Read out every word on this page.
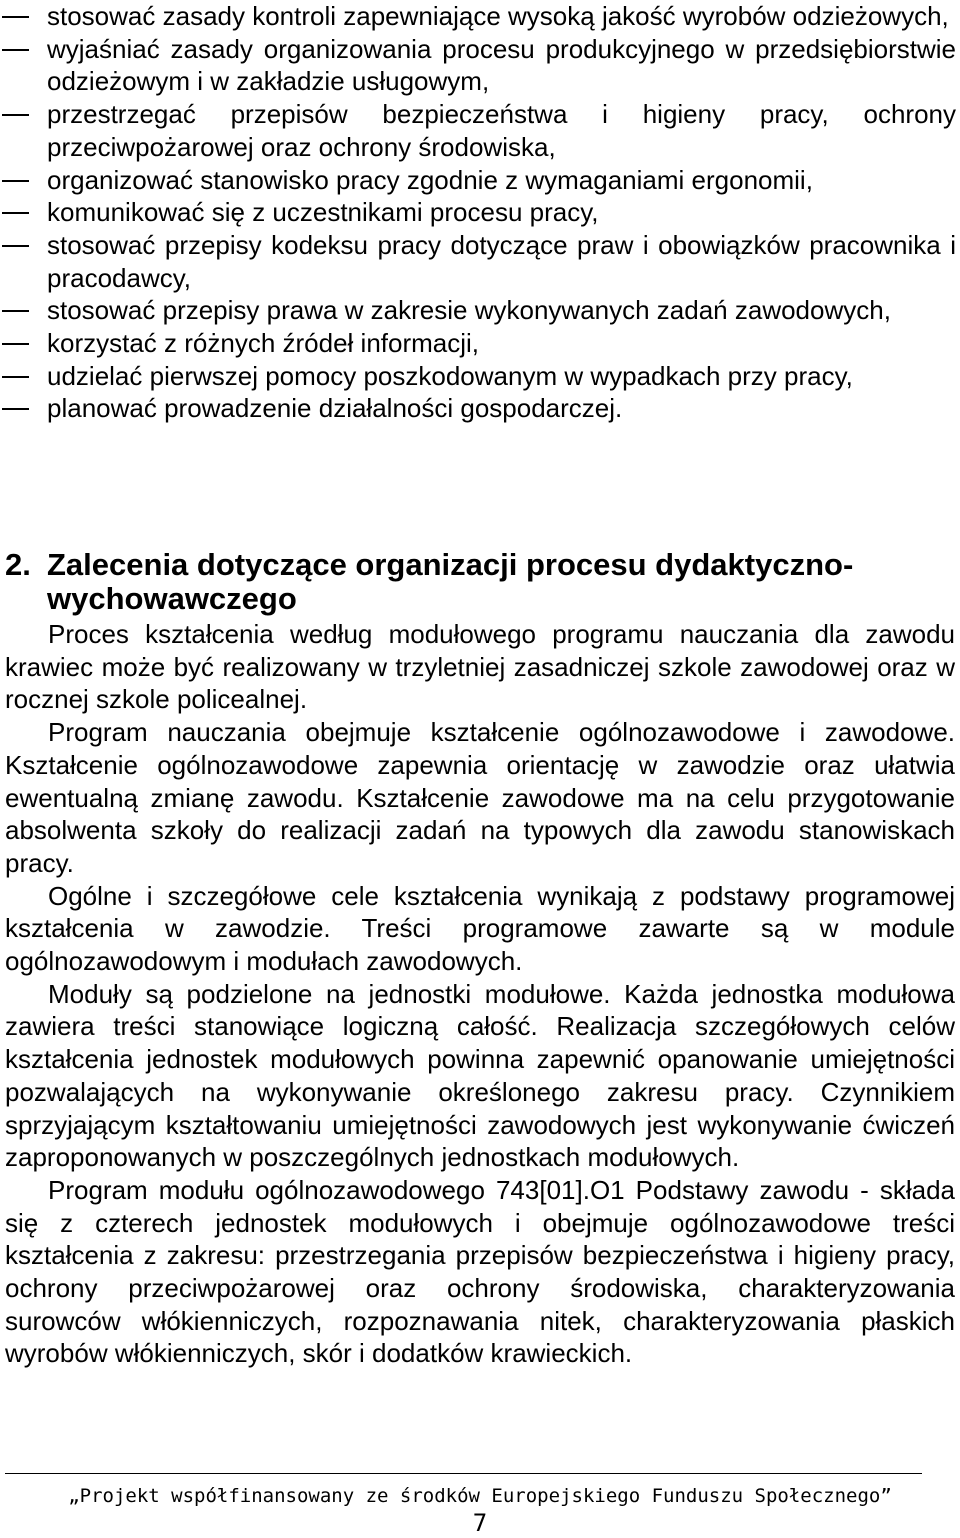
stosować zasady kontroli zapewniające wysoką jakość wyrobów odzieżowych,
wyjaśniać zasady organizowania procesu produkcyjnego w przedsiębiorstwie odzieżowym i w zakładzie usługowym,
przestrzegać przepisów bezpieczeństwa i higieny pracy, ochrony przeciwpożarowej oraz ochrony środowiska,
organizować stanowisko pracy zgodnie z wymaganiami ergonomii,
komunikować się z uczestnikami procesu pracy,
stosować przepisy kodeksu pracy dotyczące praw i obowiązków pracownika i pracodawcy,
stosować przepisy prawa w zakresie wykonywanych zadań zawodowych,
korzystać z różnych źródeł informacji,
udzielać pierwszej pomocy poszkodowanym w wypadkach przy pracy,
planować prowadzenie działalności gospodarczej.
2. Zalecenia dotyczące organizacji procesu dydaktyczno-
wychowawczego

Proces kształcenia według modułowego programu nauczania dla zawodu krawiec może być realizowany w trzyletniej zasadniczej szkole zawodowej oraz w rocznej szkole policealnej.

Program nauczania obejmuje kształcenie ogólnozawodowe i zawodowe. Kształcenie ogólnozawodowe zapewnia orientację w zawodzie oraz ułatwia ewentualną zmianę zawodu. Kształcenie zawodowe ma na celu przygotowanie absolwenta szkoły do realizacji zadań na typowych dla zawodu stanowiskach pracy.

Ogólne i szczegółowe cele kształcenia wynikają z podstawy programowej kształcenia w zawodzie. Treści programowe zawarte są w module ogólnozawodowym i modułach zawodowych.

Moduły są podzielone na jednostki modułowe. Każda jednostka modułowa zawiera treści stanowiące logiczną całość. Realizacja szczegółowych celów kształcenia jednostek modułowych powinna zapewnić opanowanie umiejętności pozwalających na wykonywanie określonego zakresu pracy. Czynnikiem sprzyjającym kształtowaniu umiejętności zawodowych jest wykonywanie ćwiczeń zaproponowanych w poszczególnych jednostkach modułowych.

Program modułu ogólnozawodowego 743[01].O1 Podstawy zawodu - składa się z czterech jednostek modułowych i obejmuje ogólnozawodowe treści kształcenia z zakresu: przestrzegania przepisów bezpieczeństwa i higieny pracy, ochrony przeciwpożarowej oraz ochrony środowiska, charakteryzowania surowców włókienniczych, rozpoznawania nitek, charakteryzowania płaskich wyrobów włókienniczych, skór i dodatków krawieckich.

„Projekt współfinansowany ze środków Europejskiego Funduszu Społecznego”
7
